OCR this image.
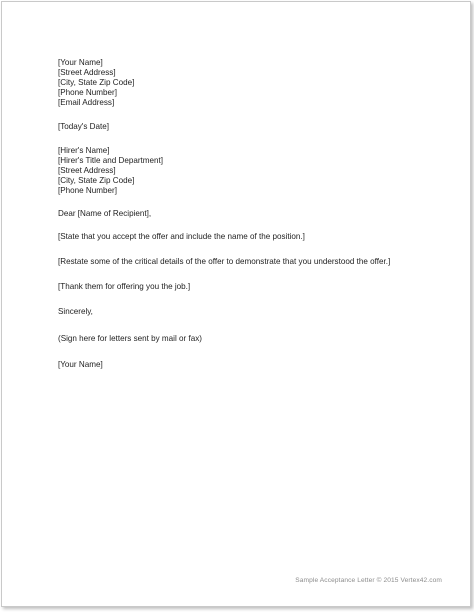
[Your Name]
[Street Address]
[City, State Zip Code]
[Phone Number]
[Email Address]
[Today's Date]
[Hirer's Name]
[Hirer's Title and Department]
[Street Address]
[City, State Zip Code]
[Phone Number]
Dear [Name of Recipient],
[State that you accept the offer and include the name of the position.]
[Restate some of the critical details of the offer to demonstrate that you understood the offer.]
[Thank them for offering you the job.]
Sincerely,
(Sign here for letters sent by mail or fax)
[Your Name]
Sample Acceptance Letter © 2015 Vertex42.com
